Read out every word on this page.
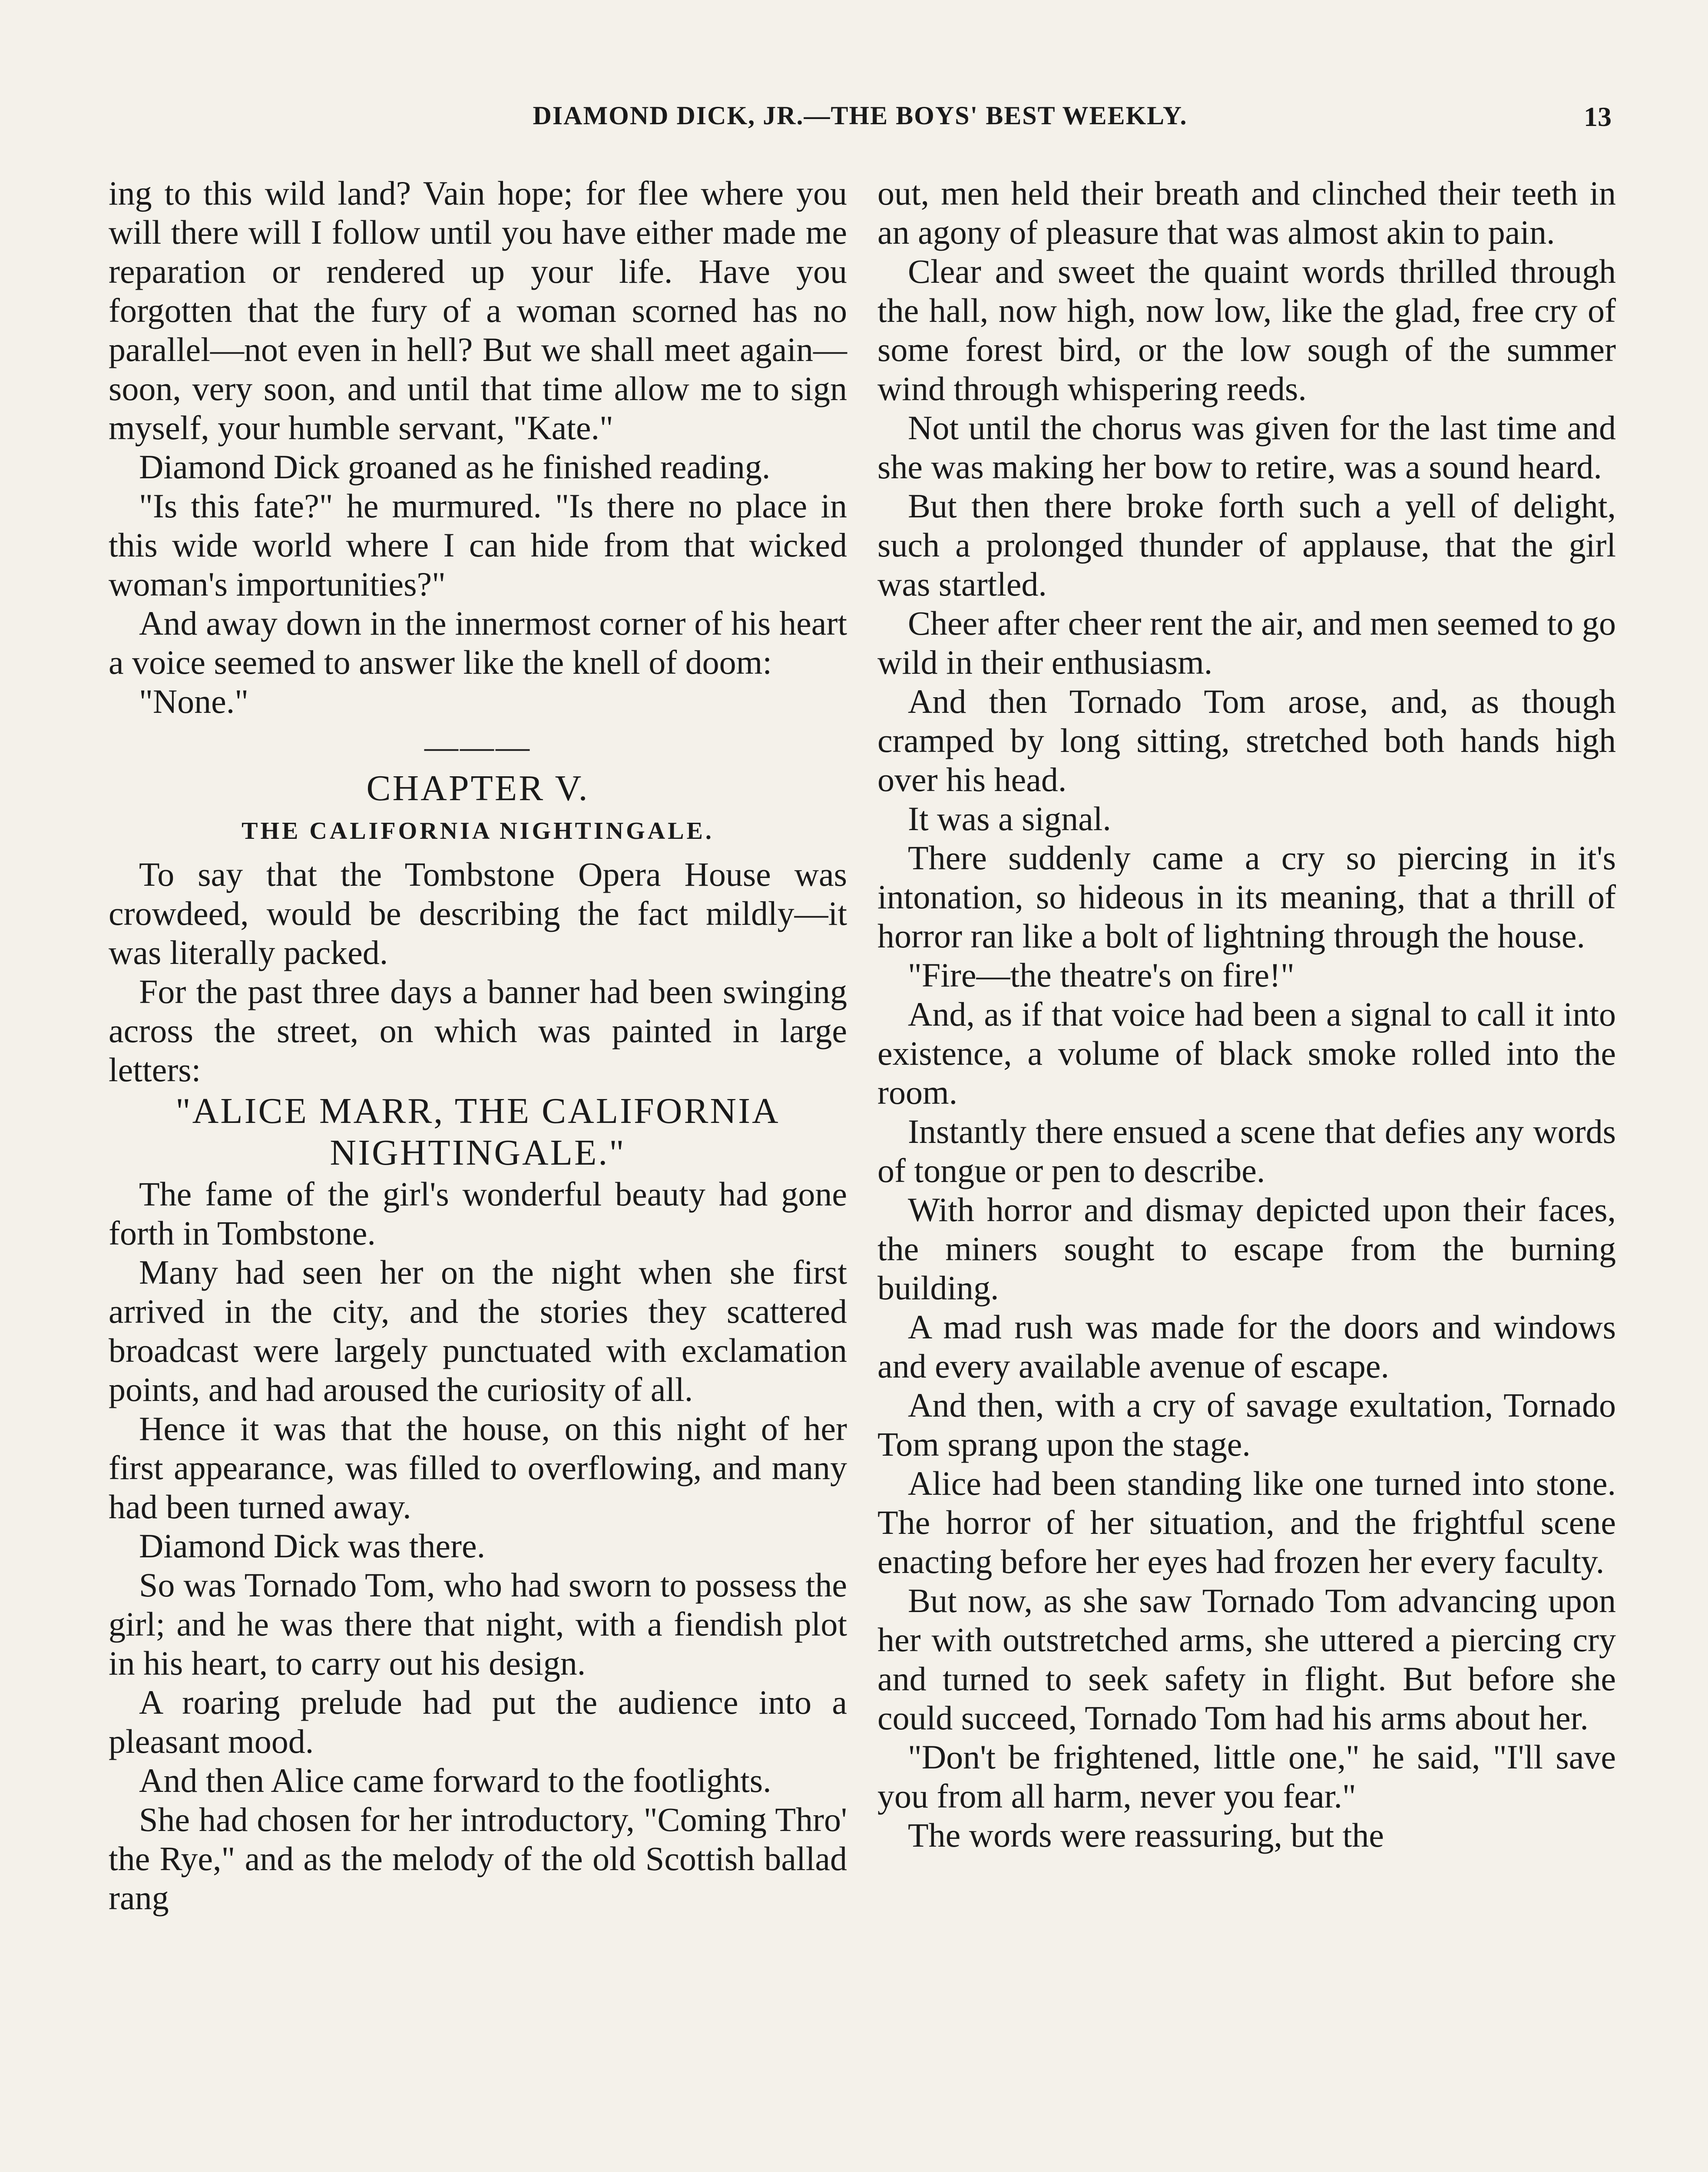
DIAMOND DICK, JR.—THE BOYS' BEST WEEKLY.	13

ing to this wild land? Vain hope; for flee where you will there will I follow until you have either made me reparation or rendered up your life. Have you forgotten that the fury of a woman scorned has no parallel—not even in hell? But we shall meet again—soon, very soon, and until that time allow me to sign myself, your humble servant, "Kate."

Diamond Dick groaned as he finished reading.

"Is this fate?" he murmured. "Is there no place in this wide world where I can hide from that wicked woman's importunities?"

And away down in the innermost corner of his heart a voice seemed to answer like the knell of doom:

"None."

———
CHAPTER V.
THE CALIFORNIA NIGHTINGALE.

To say that the Tombstone Opera House was crowdeed, would be describing the fact mildly—it was literally packed.

For the past three days a banner had been swinging across the street, on which was painted in large letters:

"ALICE MARR, THE CALIFORNIA
NIGHTINGALE."

The fame of the girl's wonderful beauty had gone forth in Tombstone.

Many had seen her on the night when she first arrived in the city, and the stories they scattered broadcast were largely punctuated with exclamation points, and had aroused the curiosity of all.

Hence it was that the house, on this night of her first appearance, was filled to overflowing, and many had been turned away.

Diamond Dick was there.

So was Tornado Tom, who had sworn to possess the girl; and he was there that night, with a fiendish plot in his heart, to carry out his design.

A roaring prelude had put the audience into a pleasant mood.

And then Alice came forward to the footlights.

She had chosen for her introductory, "Coming Thro' the Rye," and as the melody of the old Scottish ballad rang

out, men held their breath and clinched their teeth in an agony of pleasure that was almost akin to pain.

Clear and sweet the quaint words thrilled through the hall, now high, now low, like the glad, free cry of some forest bird, or the low sough of the summer wind through whispering reeds.

Not until the chorus was given for the last time and she was making her bow to retire, was a sound heard.

But then there broke forth such a yell of delight, such a prolonged thunder of applause, that the girl was startled.

Cheer after cheer rent the air, and men seemed to go wild in their enthusiasm.

And then Tornado Tom arose, and, as though cramped by long sitting, stretched both hands high over his head.

It was a signal.

There suddenly came a cry so piercing in it's intonation, so hideous in its meaning, that a thrill of horror ran like a bolt of lightning through the house.

"Fire—the theatre's on fire!"

And, as if that voice had been a signal to call it into existence, a volume of black smoke rolled into the room.

Instantly there ensued a scene that defies any words of tongue or pen to describe.

With horror and dismay depicted upon their faces, the miners sought to escape from the burning building.

A mad rush was made for the doors and windows and every available avenue of escape.

And then, with a cry of savage exultation, Tornado Tom sprang upon the stage.

Alice had been standing like one turned into stone. The horror of her situation, and the frightful scene enacting before her eyes had frozen her every faculty.

But now, as she saw Tornado Tom advancing upon her with outstretched arms, she uttered a piercing cry and turned to seek safety in flight. But before she could succeed, Tornado Tom had his arms about her.

"Don't be frightened, little one," he said, "I'll save you from all harm, never you fear."

The words were reassuring, but the
